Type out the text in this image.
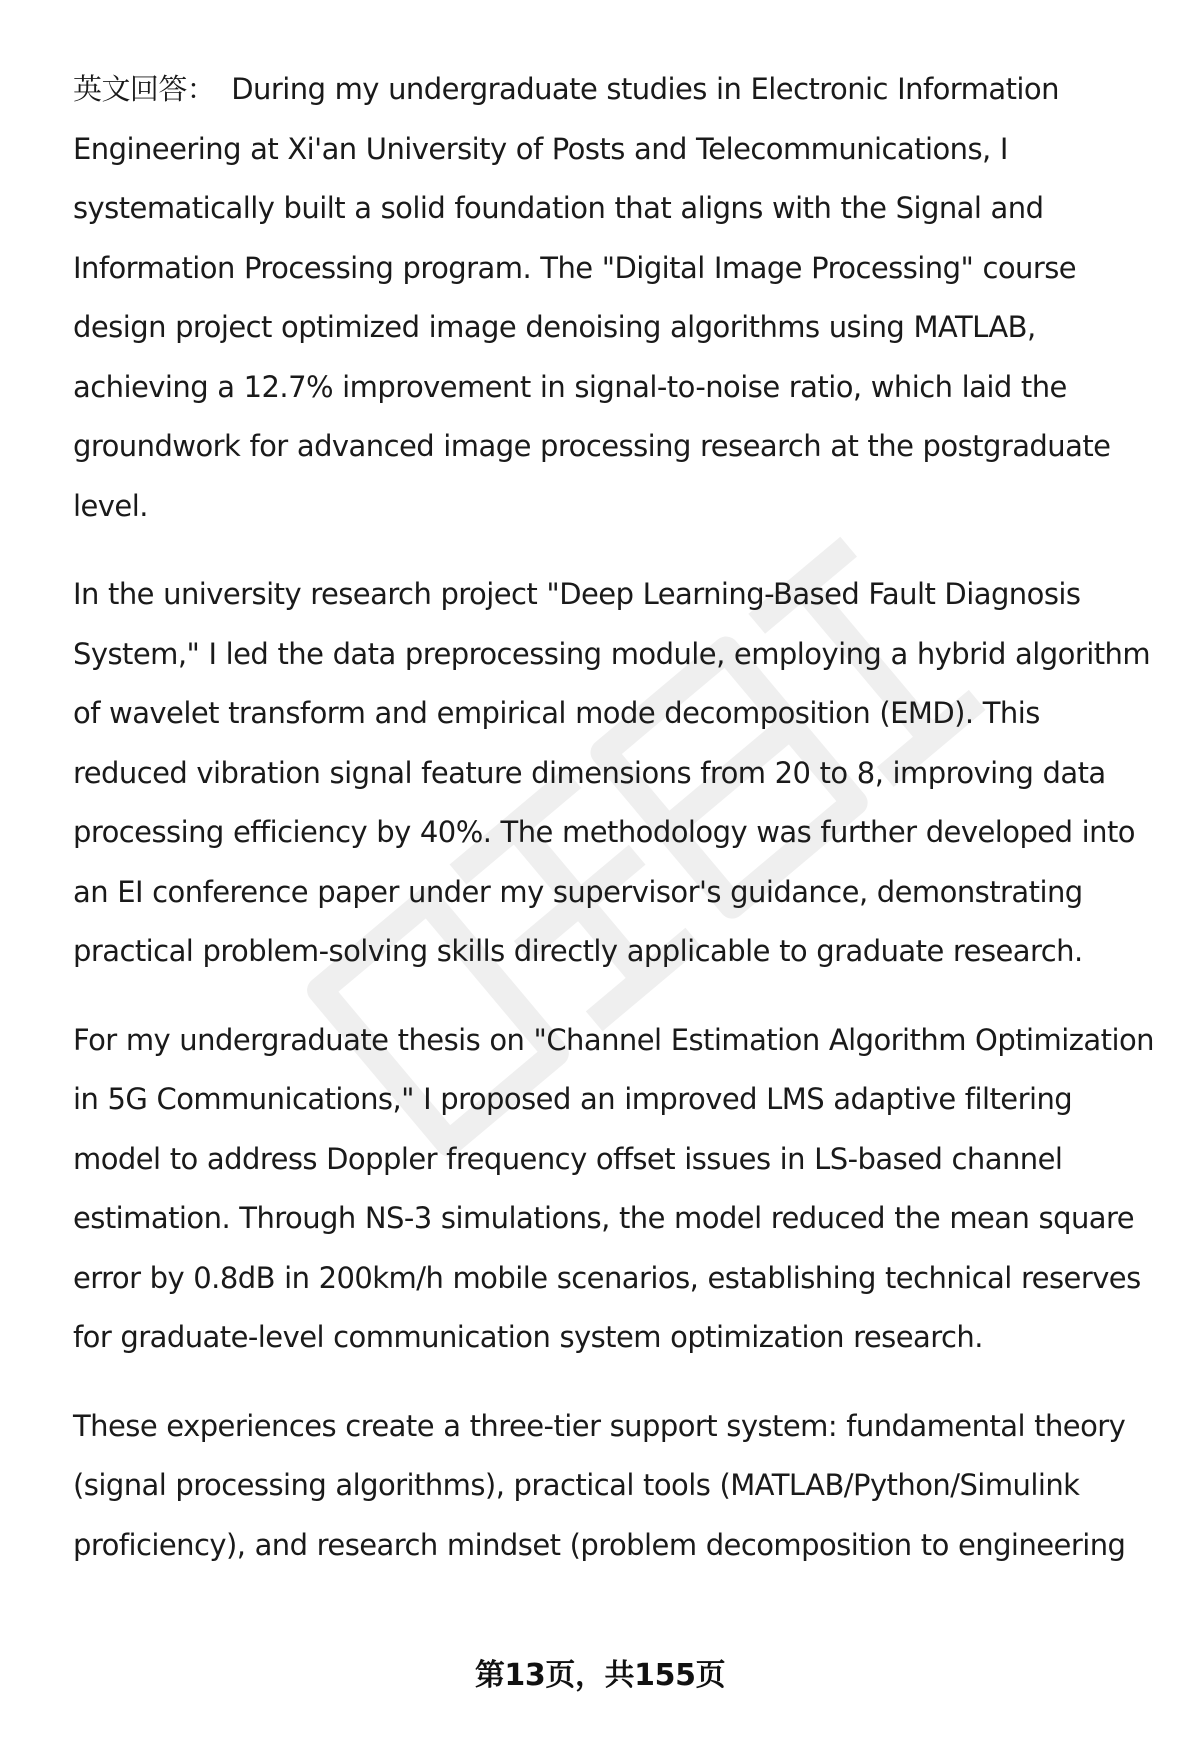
英文回答： During my undergraduate studies in Electronic Information Engineering at Xi'an University of Posts and Telecommunications, I systematically built a solid foundation that aligns with the Signal and Information Processing program. The "Digital Image Processing" course design project optimized image denoising algorithms using MATLAB, achieving a 12.7% improvement in signal-to-noise ratio, which laid the groundwork for advanced image processing research at the postgraduate level.

In the university research project "Deep Learning-Based Fault Diagnosis System," I led the data preprocessing module, employing a hybrid algorithm of wavelet transform and empirical mode decomposition (EMD). This reduced vibration signal feature dimensions from 20 to 8, improving data processing efficiency by 40%. The methodology was further developed into an EI conference paper under my supervisor's guidance, demonstrating practical problem-solving skills directly applicable to graduate research.

For my undergraduate thesis on "Channel Estimation Algorithm Optimization in 5G Communications," I proposed an improved LMS adaptive filtering model to address Doppler frequency offset issues in LS-based channel estimation. Through NS-3 simulations, the model reduced the mean square error by 0.8dB in 200km/h mobile scenarios, establishing technical reserves for graduate-level communication system optimization research.

These experiences create a three-tier support system: fundamental theory (signal processing algorithms), practical tools (MATLAB/Python/Simulink proficiency), and research mindset (problem decomposition to engineering

第13页，共155页
